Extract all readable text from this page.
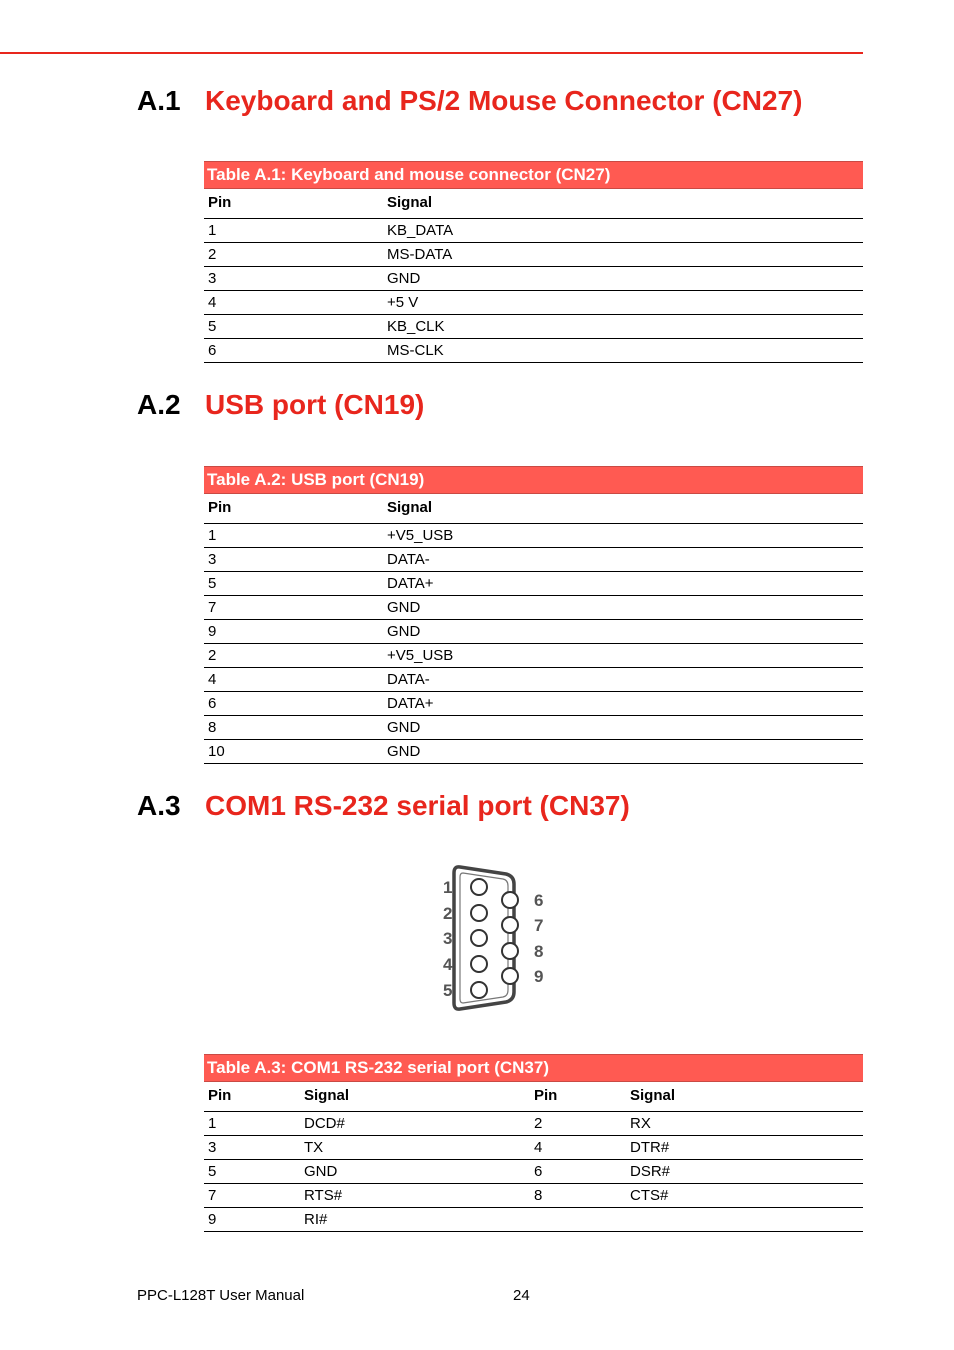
A.1 Keyboard and PS/2 Mouse Connector (CN27)
Table A.1: Keyboard and mouse connector (CN27)
Pin	Signal
1	KB_DATA
2	MS-DATA
3	GND
4	+5 V
5	KB_CLK
6	MS-CLK
A.2 USB port (CN19)
Table A.2: USB port (CN19)
Pin	Signal
1	+V5_USB
3	DATA-
5	DATA+
7	GND
9	GND
2	+V5_USB
4	DATA-
6	DATA+
8	GND
10	GND
A.3 COM1 RS-232 serial port (CN37)
1
2
3
4
5
6
7
8
9
Table A.3: COM1 RS-232 serial port (CN37)
Pin	Signal	Pin	Signal
1	DCD#	2	RX
3	TX	4	DTR#
5	GND	6	DSR#
7	RTS#	8	CTS#
9	RI#
PPC-L128T User Manual	24
